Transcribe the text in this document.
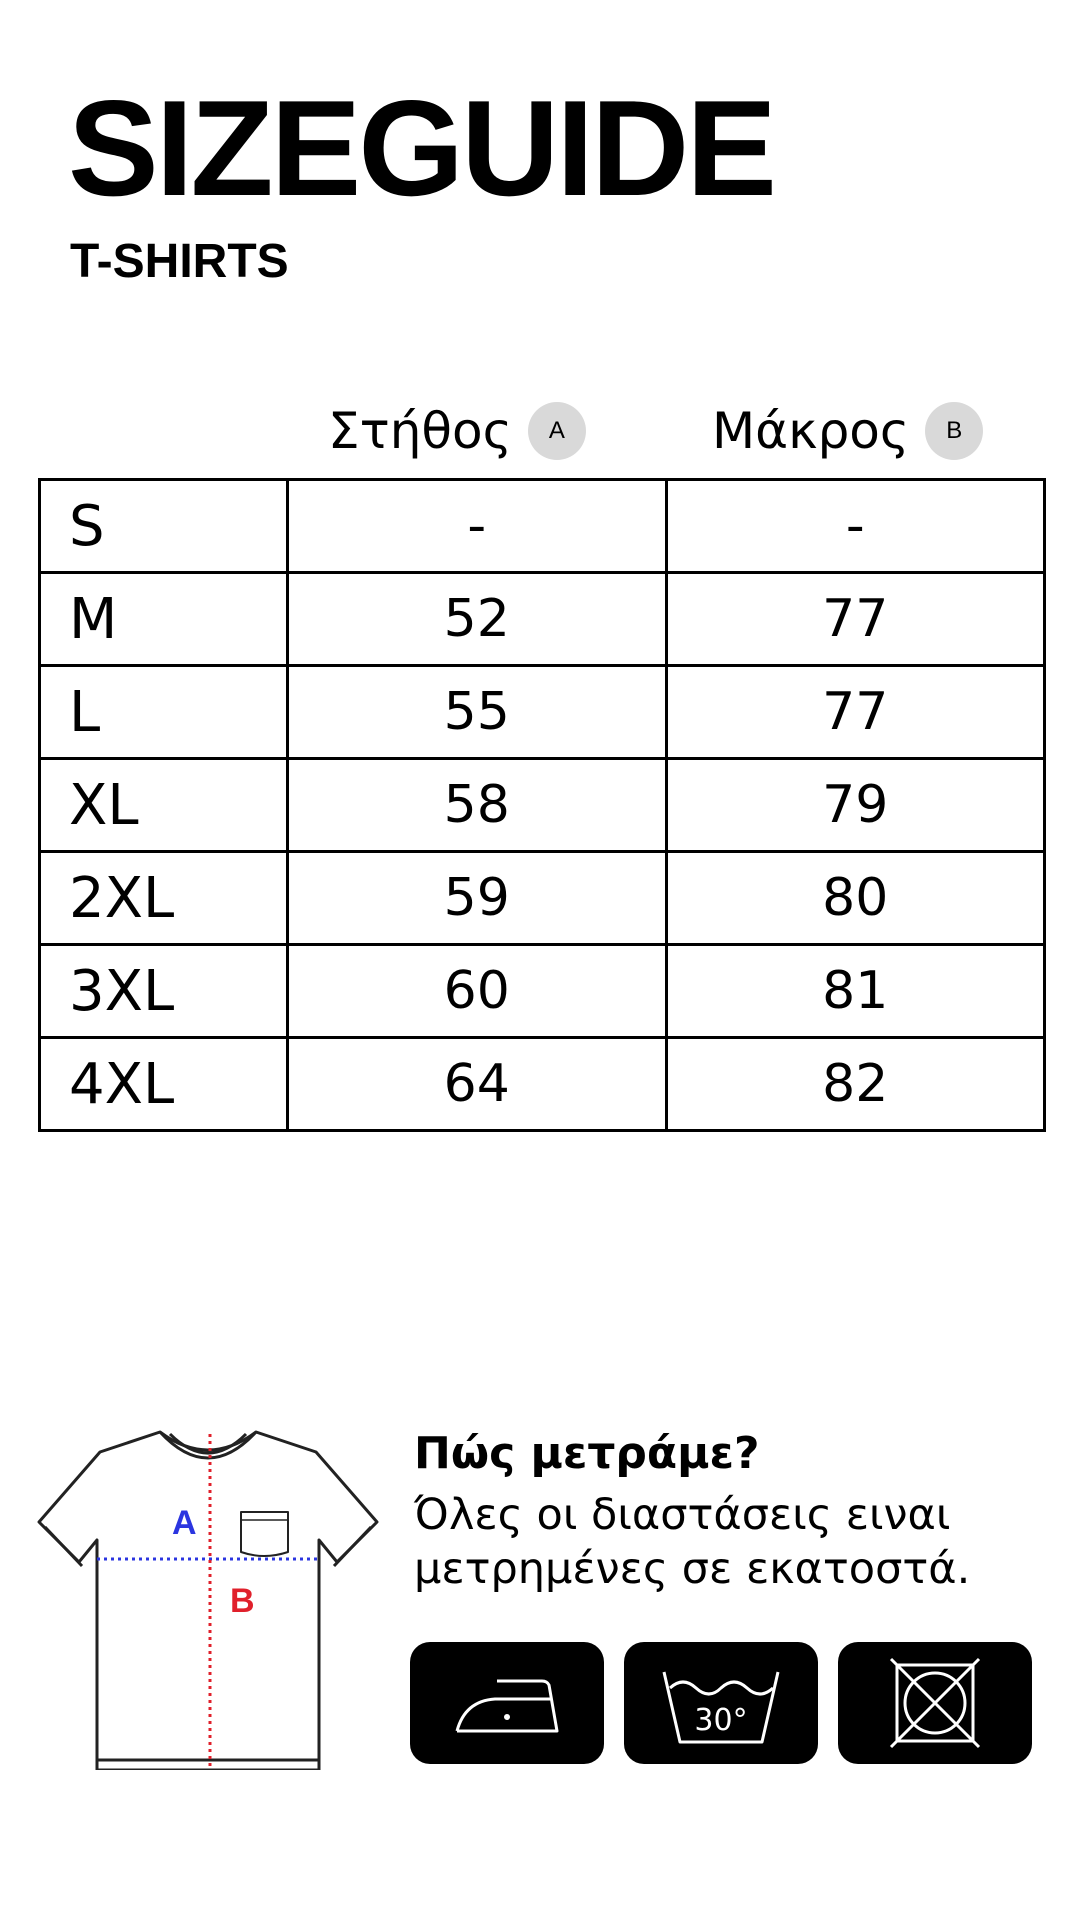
SIZEGUIDE
T-SHIRTS
Στήθος	A	Μάκρος	B
S	-	-
M	52	77
L	55	77
XL	58	79
2XL	59	80
3XL	60	81
4XL	64	82
A
B
Πώς μετράμε?

Όλες οι διαστάσεις ειναι μετρημένες σε εκατοστά.

30°
